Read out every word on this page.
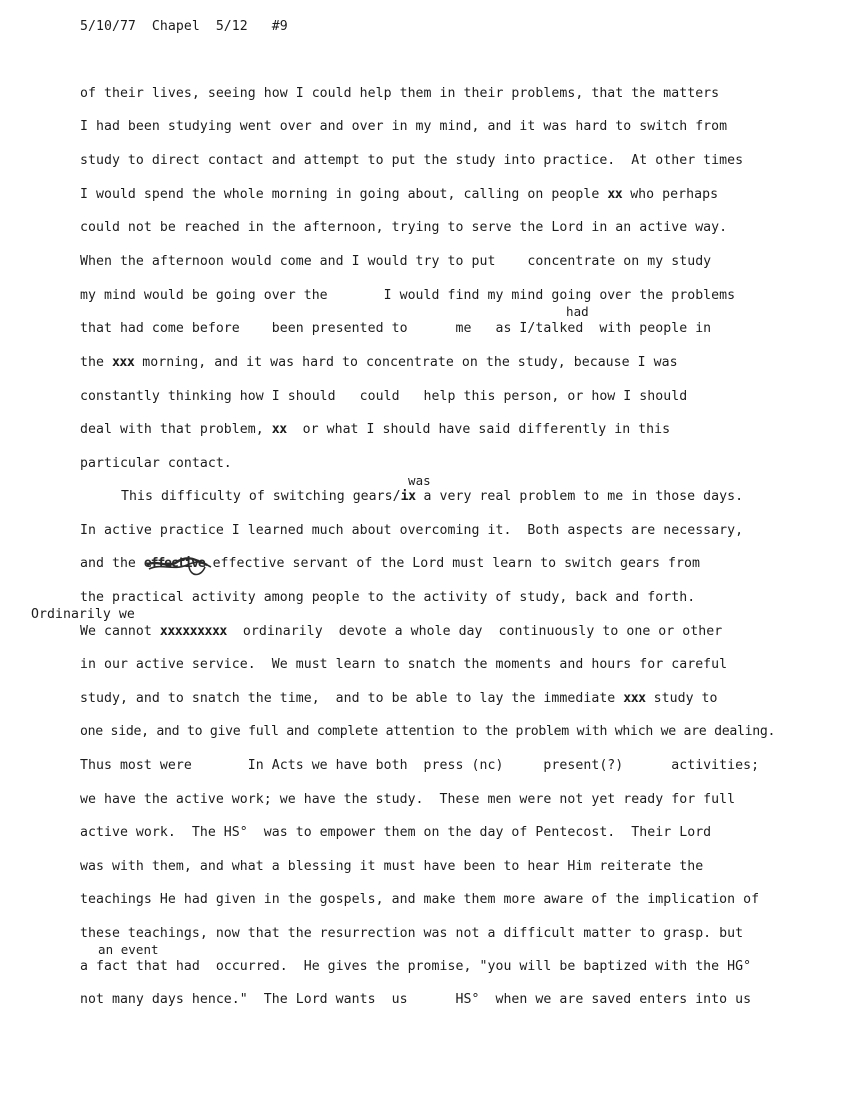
5/10/77  Chapel  5/12   #9
of their lives, seeing how I could help them in their problems, that the matters
I had been studying went over and over in my mind, and it was hard to switch from
study to direct contact and attempt to put the study into practice.  At other times
I would spend the whole morning in going about, calling on people xx who perhaps
could not be reached in the afternoon, trying to serve the Lord in an active way.
When the afternoon would come and I would try to put    concentrate on my study
my mind would be going over the       I would find my mind going over the problems
had
that had come before    been presented to      me   as I/talked  with people in
the xxx morning, and it was hard to concentrate on the study, because I was
constantly thinking how I should   could   help this person, or how I should
deal with that problem, xx  or what I should have said differently in this
particular contact.
was
This difficulty of switching gears/ix a very real problem to me in those days.
In active practice I learned much about overcoming it.  Both aspects are necessary,
and the effective effective servant of the Lord must learn to switch gears from
the practical activity among people to the activity of study, back and forth.
Ordinarily we
We cannot xxxxxxxxx  ordinarily  devote a whole day  continuously to one or other
in our active service.  We must learn to snatch the moments and hours for careful
study, and to snatch the time,  and to be able to lay the immediate xxx study to
one side, and to give full and complete attention to the problem with which we are dealing.
Thus most were       In Acts we have both  press (nc)     present(?)      activities;
we have the active work; we have the study.  These men were not yet ready for full
active work.  The HS°  was to empower them on the day of Pentecost.  Their Lord
was with them, and what a blessing it must have been to hear Him reiterate the
teachings He had given in the gospels, and make them more aware of the implication of
these teachings, now that the resurrection was not a difficult matter to grasp. but
an event
a fact that had  occurred.  He gives the promise, "you will be baptized with the HG°
not many days hence."  The Lord wants  us      HS°  when we are saved enters into us
